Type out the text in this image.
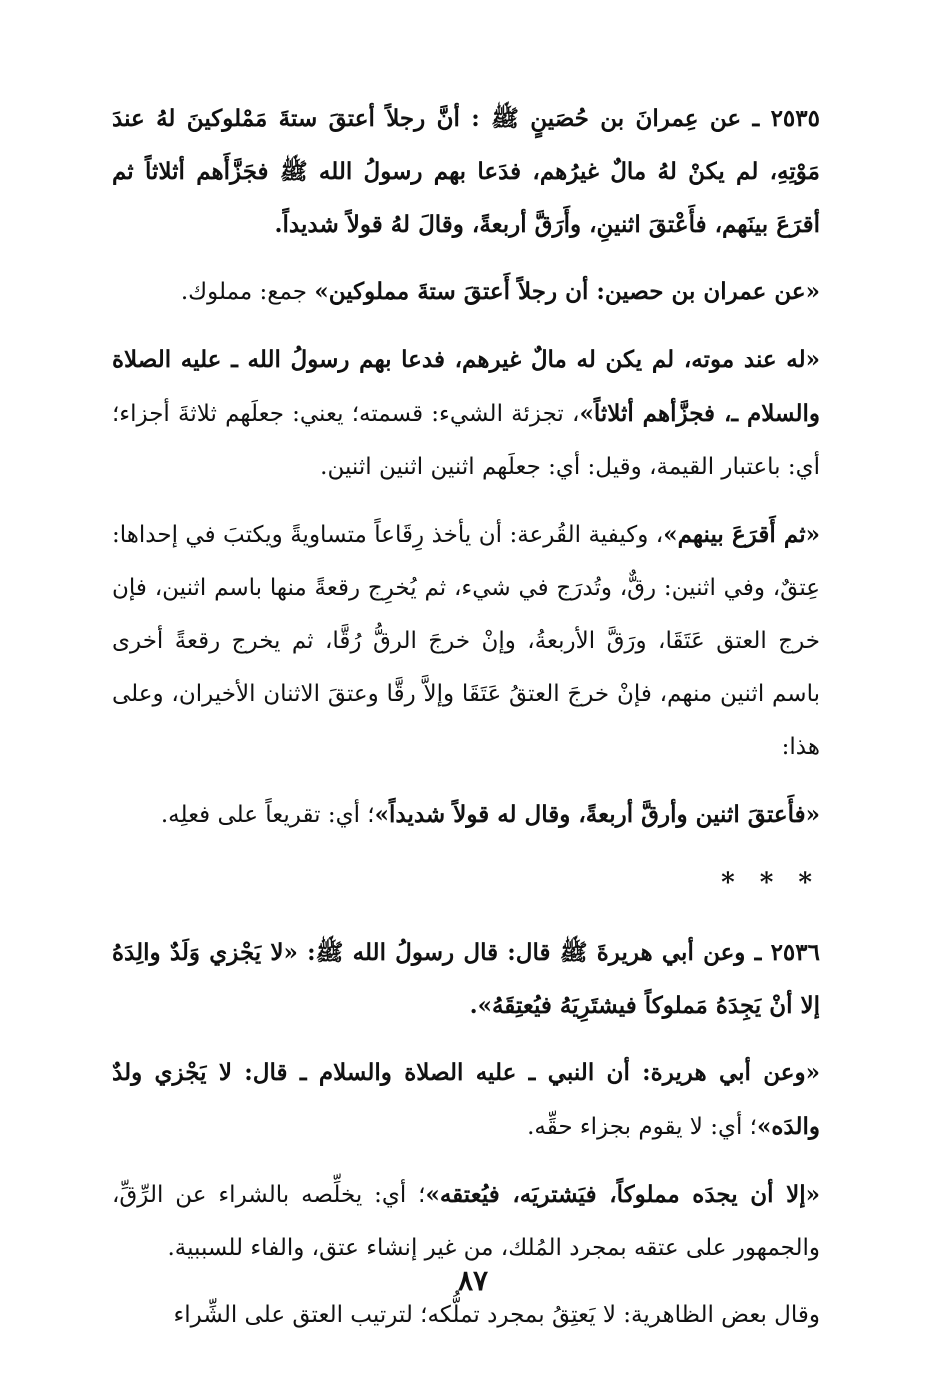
٢٥٣٥ ـ عن عِمرانَ بن حُصَينٍ ﷺ : أنَّ رجلاً أعتقَ ستةَ مَمْلوكينَ لهُ عندَ مَوْتِهِ، لم يكنْ لهُ مالٌ غيرُهم، فدَعا بهم رسولُ الله ﷺ فجَزَّأَهم أثلاثاً ثم أقرَعَ بينَهم، فأَعْتقَ اثنينِ، وأَرَقَّ أربعةً، وقالَ لهُ قولاً شديداً.

«عن عمران بن حصين: أن رجلاً أَعتقَ ستةَ مملوكين» جمع: مملوك.

«له عند موته، لم يكن له مالٌ غيرهم، فدعا بهم رسولُ الله ـ عليه الصلاة والسلام ـ، فجزَّأهم أثلاثاً»، تجزئة الشيء: قسمته؛ يعني: جعلَهم ثلاثةَ أجزاء؛ أي: باعتبار القيمة، وقيل: أي: جعلَهم اثنين اثنين اثنين.

«ثم أَقرَعَ بينهم»، وكيفية القُرعة: أن يأخذ رِقَاعاً متساويةً ويكتبَ في إحداها: عِتقٌ، وفي اثنين: رقٌّ، وتُدرَج في شيء، ثم يُخرِج رقعةً منها باسم اثنين، فإن خرج العتق عَتَقَا، ورَقَّ الأربعةُ، وإنْ خرجَ الرقُّ رُقَّا، ثم يخرج رقعةً أخرى باسم اثنين منهم، فإنْ خرجَ العتقُ عَتَقَا وإلاَّ رقَّا وعتقَ الاثنان الأخيران، وعلى هذا:

«فأَعتقَ اثنين وأرقَّ أربعةً، وقال له قولاً شديداً»؛ أي: تقريعاً على فعلِه.

* * *

٢٥٣٦ ـ وعن أبي هريرةَ ﷺ قال: قال رسولُ الله ﷺ: «لا يَجْزي وَلَدٌ والِدَهُ إلا أنْ يَجِدَهُ مَملوكاً فيشتَرِيَهُ فيُعتِقَهُ».

«وعن أبي هريرة: أن النبي ـ عليه الصلاة والسلام ـ قال: لا يَجْزي ولدٌ والدَه»؛ أي: لا يقوم بجزاء حقِّه.

«إلا أن يجدَه مملوكاً، فيَشتريَه، فيُعتقه»؛ أي: يخلِّصه بالشراء عن الرِّقِّ، والجمهور على عتقه بمجرد المُلك، من غير إنشاء عتق، والفاء للسببية.

وقال بعض الظاهرية: لا يَعتِقُ بمجرد تملُّكه؛ لترتيب العتق على الشِّراء

٨٧
